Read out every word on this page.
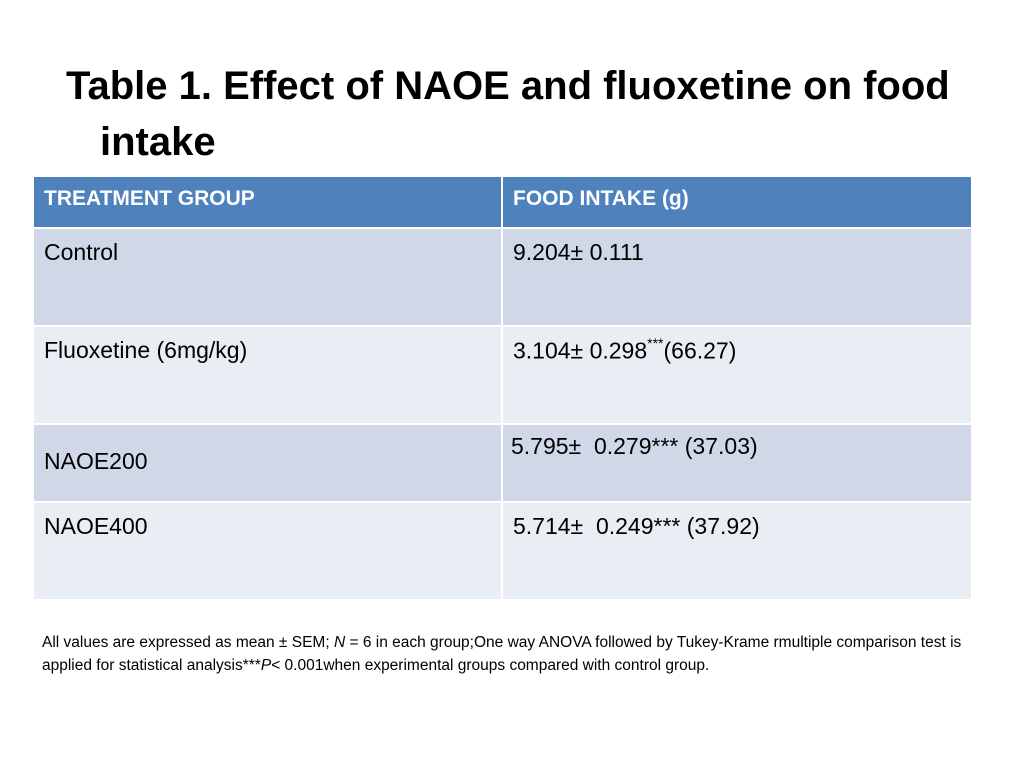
Table 1. Effect of NAOE and fluoxetine on food
intake
TREATMENT GROUP	FOOD INTAKE (g)
Control	9.204± 0.111
Fluoxetine (6mg/kg)	3.104± 0.298***(66.27)
NAOE200	5.795±  0.279*** (37.03)
NAOE400	5.714±  0.249*** (37.92)

All values are expressed as mean ± SEM; N = 6 in each group;One way ANOVA followed by Tukey-Krame rmultiple comparison test is applied for statistical analysis***P< 0.001when experimental groups compared with control group.
